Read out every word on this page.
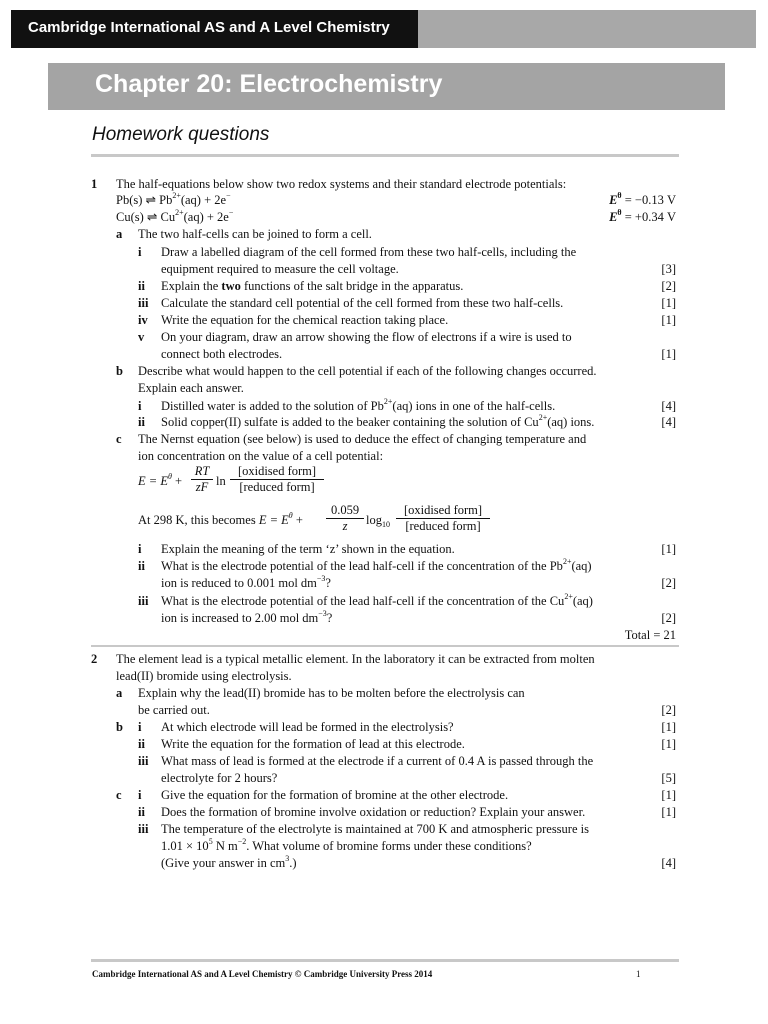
Cambridge International AS and A Level Chemistry
Chapter 20: Electrochemistry
Homework questions
1 The half-equations below show two redox systems and their standard electrode potentials:
Pb(s) ⇌ $Pb^{2+}(aq) + 2e^-$	$E^\theta = -0.13$ V
Cu(s) ⇌ $Cu^{2+}(aq) + 2e^-$	$E^\theta = +0.34$ V
a The two half-cells can be joined to form a cell.
i Draw a labelled diagram of the cell formed from these two half-cells, including the
equipment required to measure the cell voltage.	[3]
ii Explain the two functions of the salt bridge in the apparatus.	[2]
iii Calculate the standard cell potential of the cell formed from these two half-cells.	[1]
iv Write the equation for the chemical reaction taking place.	[1]
v On your diagram, draw an arrow showing the flow of electrons if a wire is used to
connect both electrodes.	[1]
b Describe what would happen to the cell potential if each of the following changes occurred.
Explain each answer.
i Distilled water is added to the solution of $Pb^{2+}(aq)$ ions in one of the half-cells.	[4]
ii Solid copper(II) sulfate is added to the beaker containing the solution of $Cu^{2+}(aq)$ ions.	[4]
c The Nernst equation (see below) is used to deduce the effect of changing temperature and
ion concentration on the value of a cell potential:
$E = E^\theta + \frac{RT}{zF}$ ln
[oxidised form]
[reduced form]
At 298 K, this becomes $E = E^\theta + \frac{0.059}{z} \log_{10}$
[oxidised form]
[reduced form]
i Explain the meaning of the term ‘z’ shown in the equation.	[1]
ii What is the electrode potential of the lead half-cell if the concentration of the $Pb^{2+}(aq)$
ion is reduced to 0.001 mol $dm^{-3}$?	[2]
iii What is the electrode potential of the lead half-cell if the concentration of the $Cu^{2+}(aq)$
ion is increased to 2.00 mol $dm^{-3}$?	[2]
Total = 21
2 The element lead is a typical metallic element. In the laboratory it can be extracted from molten
lead(II) bromide using electrolysis.
a Explain why the lead(II) bromide has to be molten before the electrolysis can
be carried out.	[2]
b i At which electrode will lead be formed in the electrolysis?	[1]
ii Write the equation for the formation of lead at this electrode.	[1]
iii What mass of lead is formed at the electrode if a current of 0.4 A is passed through the
electrolyte for 2 hours?	[5]
c i Give the equation for the formation of bromine at the other electrode.	[1]
ii Does the formation of bromine involve oxidation or reduction? Explain your answer.	[1]
iii The temperature of the electrolyte is maintained at 700 K and atmospheric pressure is
$1.01 \times 10^5$ N $m^{-2}$. What volume of bromine forms under these conditions?
(Give your answer in $cm^3$.)	[4]
Cambridge International AS and A Level Chemistry © Cambridge University Press 2014	1
